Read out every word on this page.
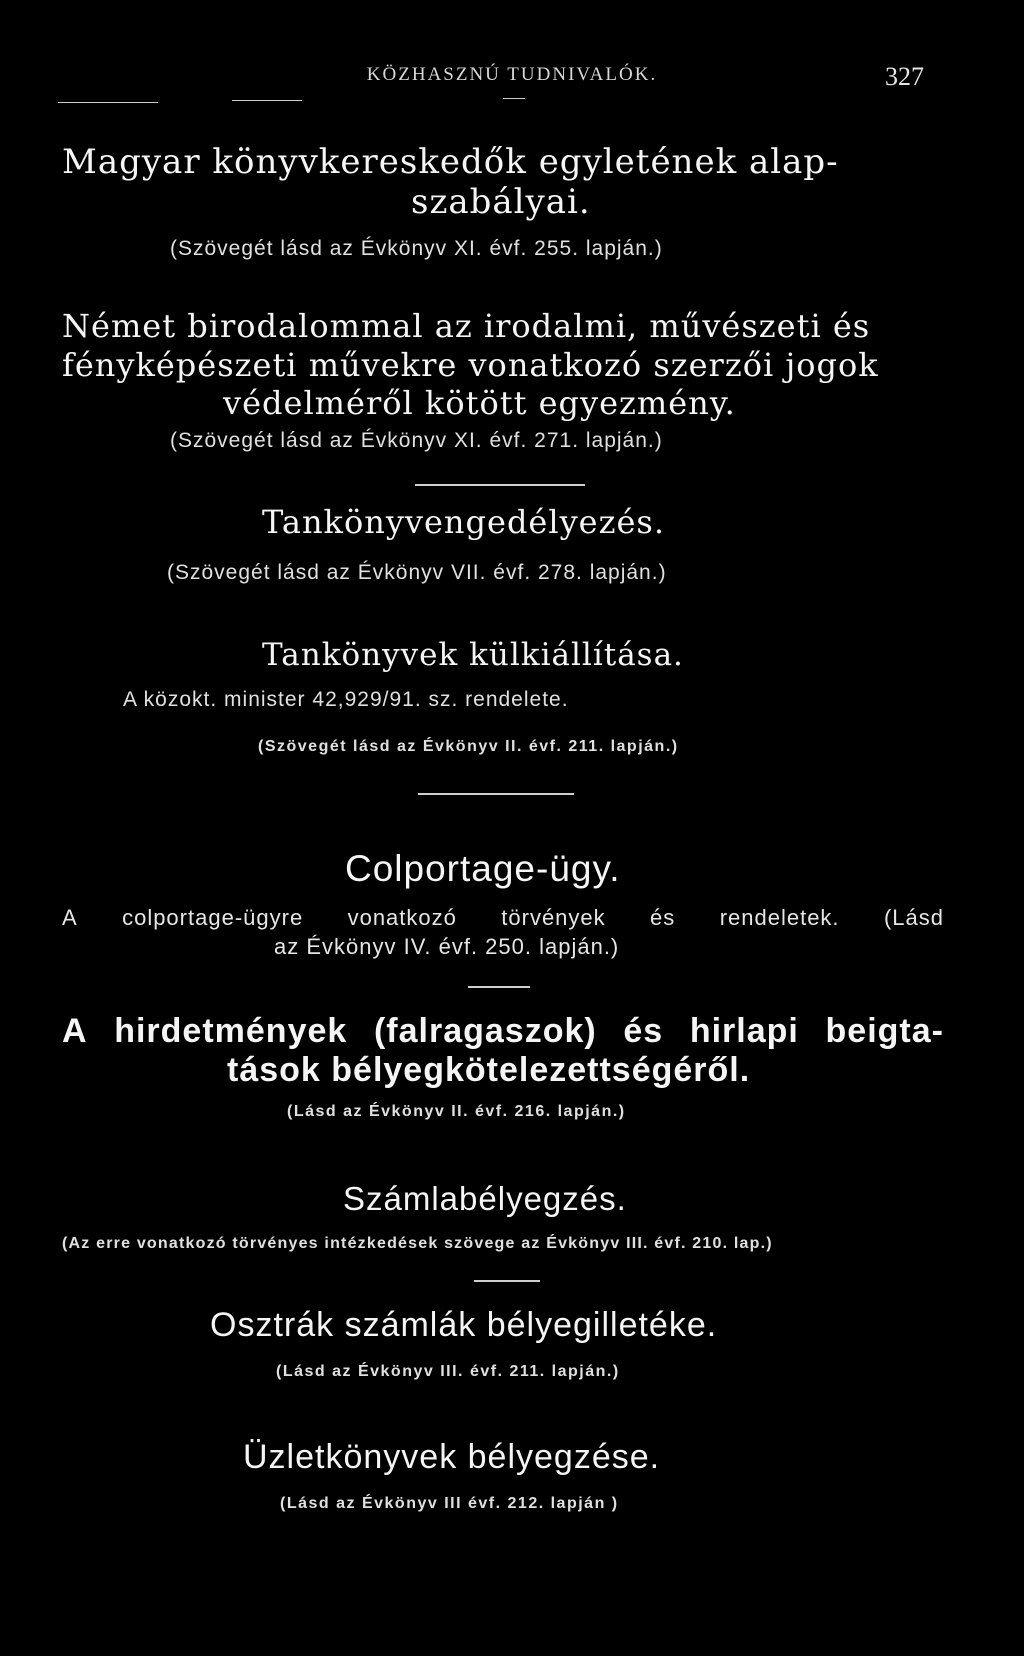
KÖZHASZNÚ TUDNIVALÓK.	327
Magyar könyvkereskedők egyletének alap-
szabályai.
(Szövegét lásd az Évkönyv XI. évf. 255. lapján.)
Német birodalommal az irodalmi, művészeti és
fényképészeti művekre vonatkozó szerzői jogok
védelméről kötött egyezmény.
(Szövegét lásd az Évkönyv XI. évf. 271. lapján.)
Tankönyvengedélyezés.
(Szövegét lásd az Évkönyv VII. évf. 278. lapján.)
Tankönyvek külkiállítása.
A közokt. minister 42,929/91. sz. rendelete.
(Szövegét lásd az Évkönyv II. évf. 211. lapján.)
Colportage-ügy.
A colportage-ügyre vonatkozó törvények és rendeletek. (Lásd
az Évkönyv IV. évf. 250. lapján.)
A hirdetmények (falragaszok) és hirlapi beigta-
tások bélyegkötelezettségéről.
(Lásd az Évkönyv II. évf. 216. lapján.)
Számlabélyegzés.
(Az erre vonatkozó törvényes intézkedések szövege az Évkönyv III. évf. 210. lap.)
Osztrák számlák bélyegilletéke.
(Lásd az Évkönyv III. évf. 211. lapján.)
Üzletkönyvek bélyegzése.
(Lásd az Évkönyv III évf. 212. lapján )
